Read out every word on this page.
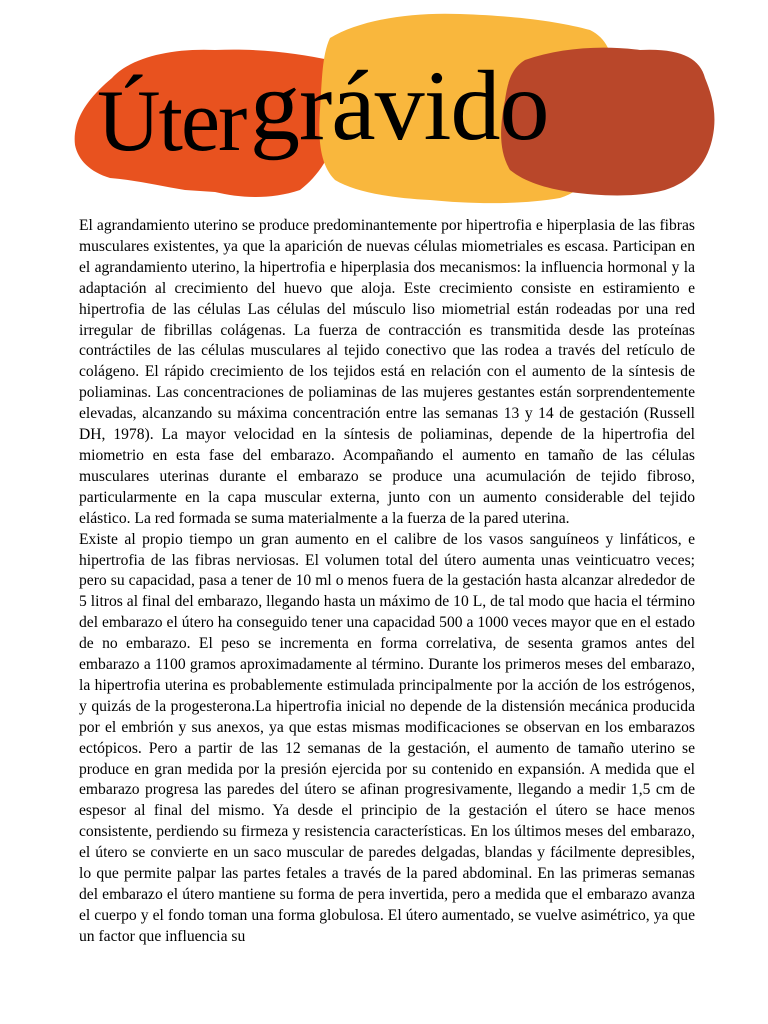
Úter grávido

El agrandamiento uterino se produce predominantemente por hipertrofia e hiperplasia de las fibras musculares existentes, ya que la aparición de nuevas células miometriales es escasa. Participan en el agrandamiento uterino, la hipertrofia e hiperplasia dos mecanismos: la influencia hormonal y la adaptación al crecimiento del huevo que aloja. Este crecimiento consiste en estiramiento e hipertrofia de las células Las células del músculo liso miometrial están rodeadas por una red irregular de fibrillas colágenas. La fuerza de contracción es transmitida desde las proteínas contráctiles de las células musculares al tejido conectivo que las rodea a través del retículo de colágeno. El rápido crecimiento de los tejidos está en relación con el aumento de la síntesis de poliaminas. Las concentraciones de poliaminas de las mujeres gestantes están sorprendentemente elevadas, alcanzando su máxima concentración entre las semanas 13 y 14 de gestación (Russell DH, 1978). La mayor velocidad en la síntesis de poliaminas, depende de la hipertrofia del miometrio en esta fase del embarazo. Acompañando el aumento en tamaño de las células musculares uterinas durante el embarazo se produce una acumulación de tejido fibroso, particularmente en la capa muscular externa, junto con un aumento considerable del tejido elástico. La red formada se suma materialmente a la fuerza de la pared uterina.

Existe al propio tiempo un gran aumento en el calibre de los vasos sanguíneos y linfáticos, e hipertrofia de las fibras nerviosas. El volumen total del útero aumenta unas veinticuatro veces; pero su capacidad, pasa a tener de 10 ml o menos fuera de la gestación hasta alcanzar alrededor de 5 litros al final del embarazo, llegando hasta un máximo de 10 L, de tal modo que hacia el término del embarazo el útero ha conseguido tener una capacidad 500 a 1000 veces mayor que en el estado de no embarazo. El peso se incrementa en forma correlativa, de sesenta gramos antes del embarazo a 1100 gramos aproximadamente al término. Durante los primeros meses del embarazo, la hipertrofia uterina es probablemente estimulada principalmente por la acción de los estrógenos, y quizás de la progesterona.La hipertrofia inicial no depende de la distensión mecánica producida por el embrión y sus anexos, ya que estas mismas modificaciones se observan en los embarazos ectópicos. Pero a partir de las 12 semanas de la gestación, el aumento de tamaño uterino se produce en gran medida por la presión ejercida por su contenido en expansión. A medida que el embarazo progresa las paredes del útero se afinan progresivamente, llegando a medir 1,5 cm de espesor al final del mismo. Ya desde el principio de la gestación el útero se hace menos consistente, perdiendo su firmeza y resistencia características. En los últimos meses del embarazo, el útero se convierte en un saco muscular de paredes delgadas, blandas y fácilmente depresibles, lo que permite palpar las partes fetales a través de la pared abdominal. En las primeras semanas del embarazo el útero mantiene su forma de pera invertida, pero a medida que el embarazo avanza el cuerpo y el fondo toman una forma globulosa. El útero aumentado, se vuelve asimétrico, ya que un factor que influencia su
